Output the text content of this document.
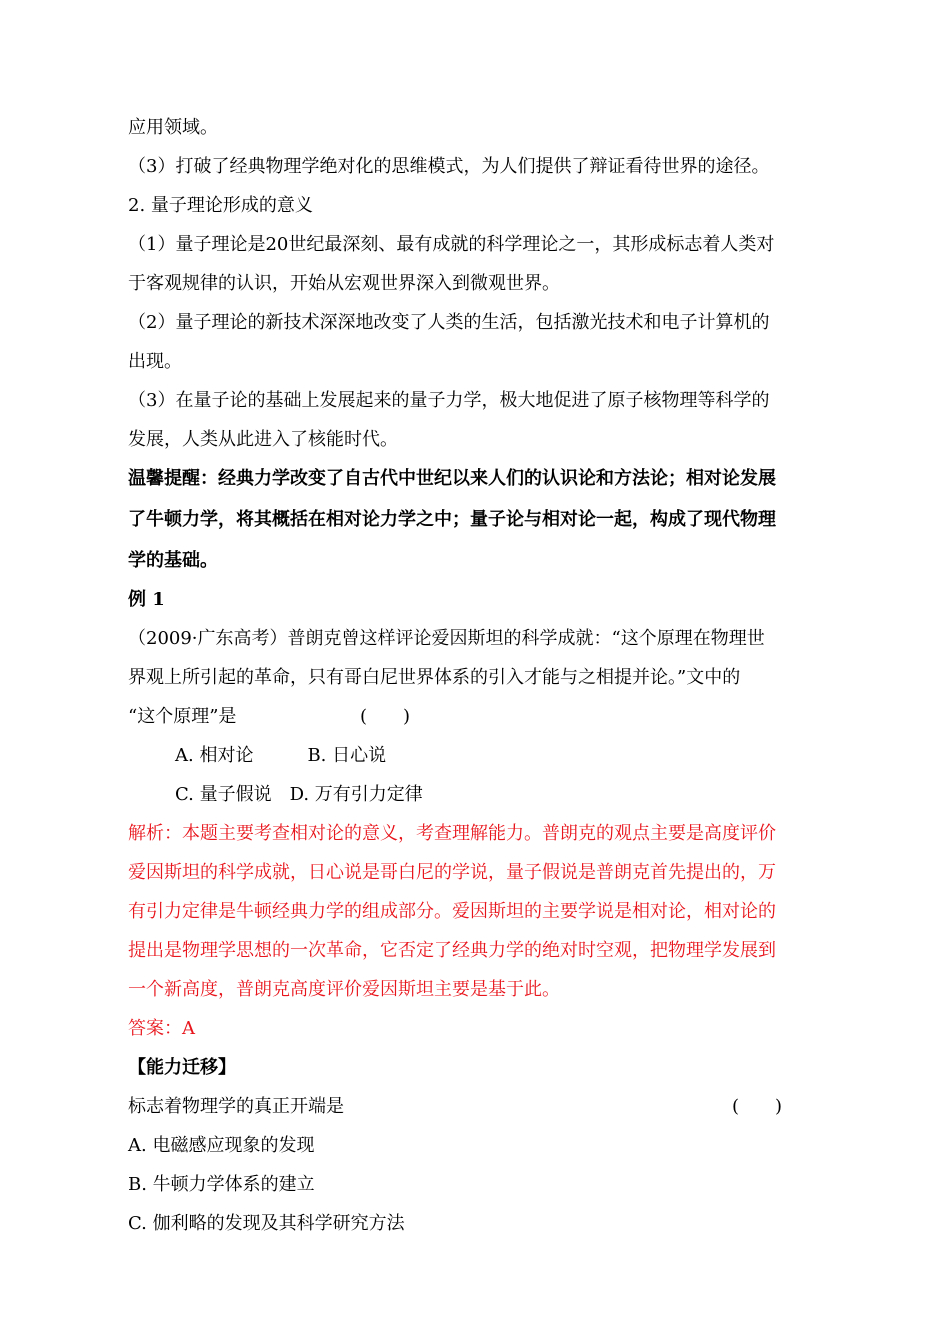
应用领域。
（3）打破了经典物理学绝对化的思维模式，为人们提供了辩证看待世界的途径。
2. 量子理论形成的意义
（1）量子理论是20世纪最深刻、最有成就的科学理论之一，其形成标志着人类对
于客观规律的认识，开始从宏观世界深入到微观世界。
（2）量子理论的新技术深深地改变了人类的生活，包括激光技术和电子计算机的
出现。
（3）在量子论的基础上发展起来的量子力学，极大地促进了原子核物理等科学的
发展，人类从此进入了核能时代。
温馨提醒：经典力学改变了自古代中世纪以来人们的认识论和方法论；相对论发展
了牛顿力学，将其概括在相对论力学之中；量子论与相对论一起，构成了现代物理
学的基础。
例 1
（2009·广东高考）普朗克曾这样评论爱因斯坦的科学成就：“这个原理在物理世
界观上所引起的革命，只有哥白尼世界体系的引入才能与之相提并论。”文中的
“这个原理”是	(　　)
A. 相对论　　　B. 日心说
C. 量子假说　D. 万有引力定律
解析：本题主要考查相对论的意义，考查理解能力。普朗克的观点主要是高度评价
爱因斯坦的科学成就，日心说是哥白尼的学说，量子假说是普朗克首先提出的，万
有引力定律是牛顿经典力学的组成部分。爱因斯坦的主要学说是相对论，相对论的
提出是物理学思想的一次革命，它否定了经典力学的绝对时空观，把物理学发展到
一个新高度，普朗克高度评价爱因斯坦主要是基于此。
答案：A
【能力迁移】
标志着物理学的真正开端是	(　　)
A. 电磁感应现象的发现
B. 牛顿力学体系的建立
C. 伽利略的发现及其科学研究方法
